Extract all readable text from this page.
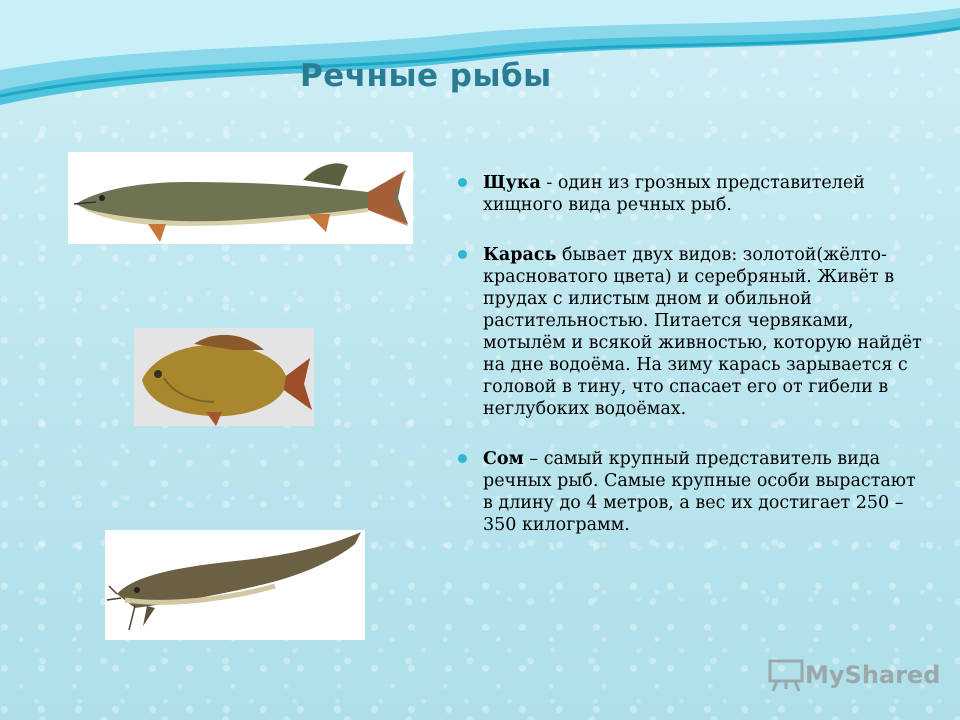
Речные рыбы
Щука - один из грозных представителей хищного вида речных рыб.
Карась бывает двух видов: золотой(жёлто- красноватого цвета) и серебряный. Живёт в прудах с илистым дном и обильной растительностью. Питается червяками, мотылём и всякой живностью, которую найдёт на дне водоёма. На зиму карась зарывается с головой в тину, что спасает его от гибели в неглубоких водоёмах.
Сом – самый крупный представитель вида речных рыб. Самые крупные особи вырастают в длину до 4 метров, а вес их достигает 250 – 350 килограмм.
MyShared
